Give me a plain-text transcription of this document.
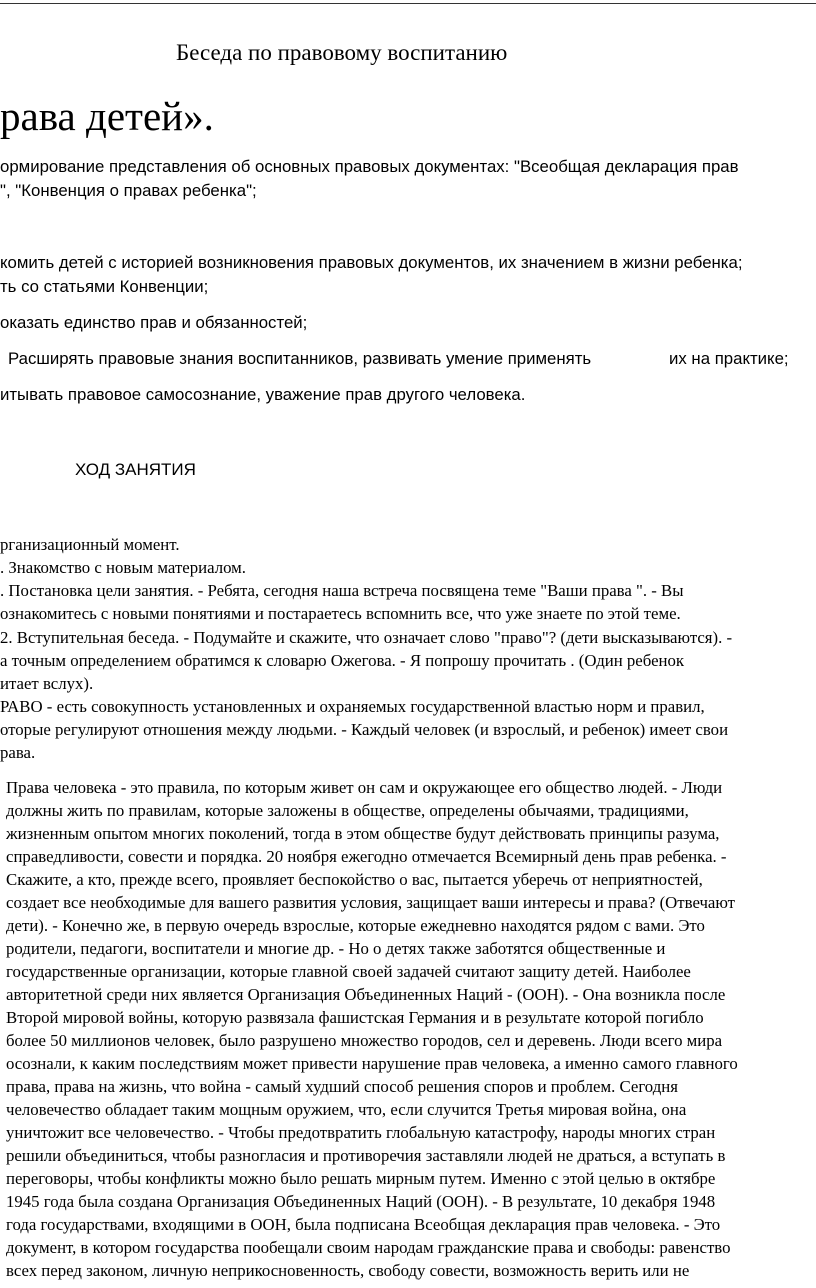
Беседа по правовому воспитанию
рава детей».
ормирование представления об основных правовых документах: "Всеобщая декларация прав
", "Конвенция о правах ребенка";
комить детей с историей возникновения правовых документов, их значением в жизни ребенка;
ть со статьями Конвенции;
оказать единство прав и обязанностей;
Расширять правовые знания воспитанников, развивать умение применять	их на практике;
итывать правовое самосознание, уважение прав другого человека.
ХОД ЗАНЯТИЯ
рганизационный момент.
. Знакомство с новым материалом.
. Постановка цели занятия. - Ребята, сегодня наша встреча посвящена теме "Ваши права ". - Вы
ознакомитесь с новыми понятиями и постараетесь вспомнить все, что уже знаете по этой теме.
2. Вступительная беседа. - Подумайте и скажите, что означает слово "право"? (дети высказываются). -
а точным определением обратимся к словарю Ожегова. - Я попрошу прочитать . (Один ребенок
итает вслух).
РАВО - есть совокупность установленных и охраняемых государственной властью норм и правил,
оторые регулируют отношения между людьми. - Каждый человек (и взрослый, и ребенок) имеет свои
рава.
Права человека - это правила, по которым живет он сам и окружающее его общество людей. - Люди
должны жить по правилам, которые заложены в обществе, определены обычаями, традициями,
жизненным опытом многих поколений, тогда в этом обществе будут действовать принципы разума,
справедливости, совести и порядка. 20 ноября ежегодно отмечается Всемирный день прав ребенка. -
Скажите, а кто, прежде всего, проявляет беспокойство о вас, пытается уберечь от неприятностей,
создает все необходимые для вашего развития условия, защищает ваши интересы и права? (Отвечают
дети). - Конечно же, в первую очередь взрослые, которые ежедневно находятся рядом с вами. Это
родители, педагоги, воспитатели и многие др. - Но о детях также заботятся общественные и
государственные организации, которые главной своей задачей считают защиту детей. Наиболее
авторитетной среди них является Организация Объединенных Наций - (ООН). - Она возникла после
Второй мировой войны, которую развязала фашистская Германия и в результате которой погибло
более 50 миллионов человек, было разрушено множество городов, сел и деревень. Люди всего мира
осознали, к каким последствиям может привести нарушение прав человека, а именно самого главного
права, права на жизнь, что война - самый худший способ решения споров и проблем. Сегодня
человечество обладает таким мощным оружием, что, если случится Третья мировая война, она
уничтожит все человечество. - Чтобы предотвратить глобальную катастрофу, народы многих стран
решили объединиться, чтобы разногласия и противоречия заставляли людей не драться, а вступать в
переговоры, чтобы конфликты можно было решать мирным путем. Именно с этой целью в октябре
1945 года была создана Организация Объединенных Наций (ООН). - В результате, 10 декабря 1948
года государствами, входящими в ООН, была подписана Всеобщая декларация прав человека. - Это
документ, в котором государства пообещали своим народам гражданские права и свободы: равенство
всех перед законом, личную неприкосновенность, свободу совести, возможность верить или не
